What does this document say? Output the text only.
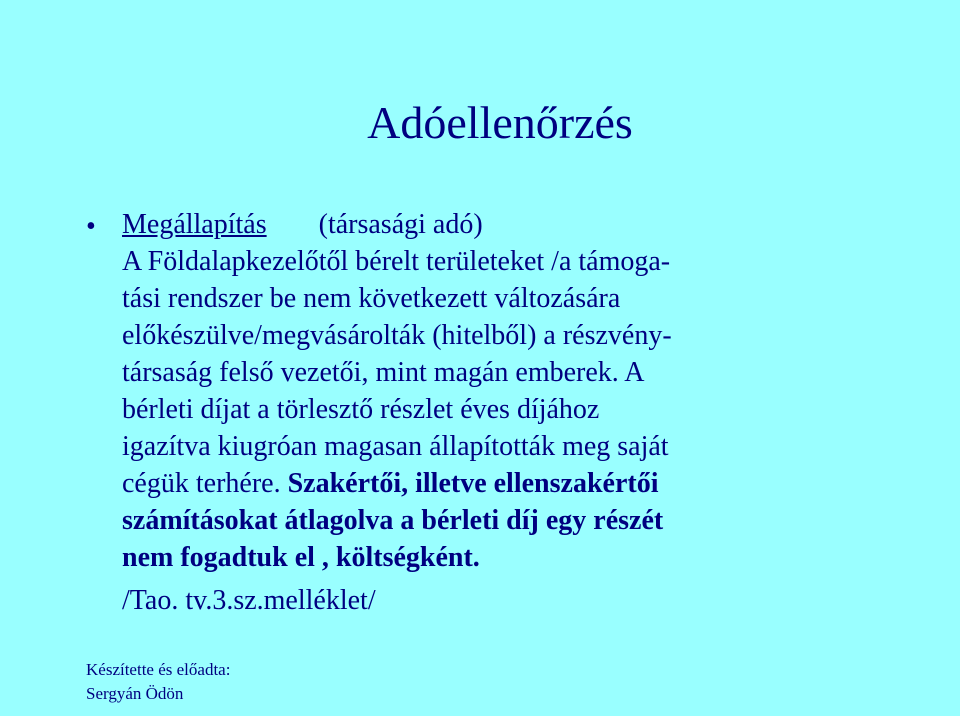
Adóellenőrzés
• Megállapítás (társasági adó)
A Földalapkezelőtől bérelt területeket /a támoga-
tási rendszer be nem következett változására
előkészülve/megvásárolták (hitelből) a részvény-
társaság felső vezetői, mint magán emberek. A
bérleti díjat a törlesztő részlet éves díjához
igazítva kiugróan magasan állapították meg saját
cégük terhére. Szakértői, illetve ellenszakértői
számításokat átlagolva a bérleti díj egy részét
nem fogadtuk el , költségként.
/Tao. tv.3.sz.melléklet/
Készítette és előadta:
Sergyán Ödön
